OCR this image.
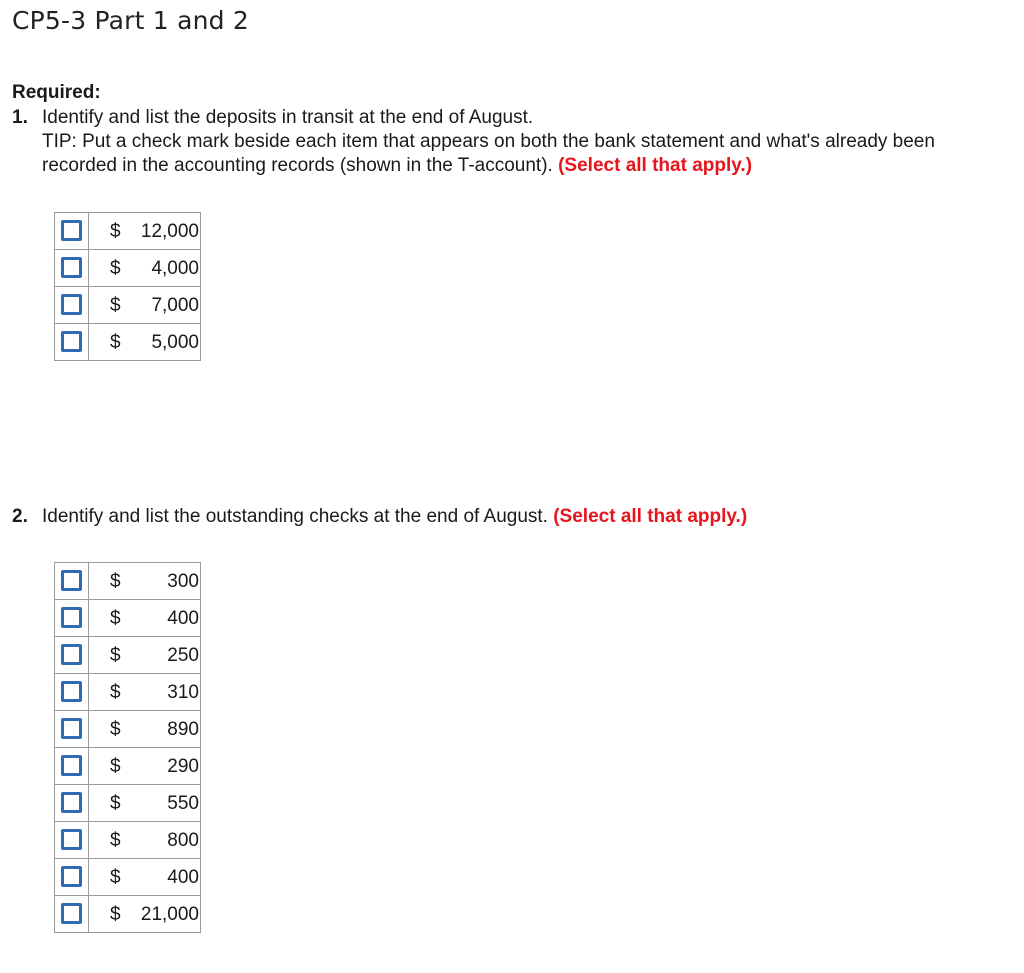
CP5-3 Part 1 and 2
Required:
1. Identify and list the deposits in transit at the end of August.
TIP: Put a check mark beside each item that appears on both the bank statement and what's already been recorded in the accounting records (shown in the T-account). (Select all that apply.)

	$ 12,000

	$ 4,000

	$ 7,000

	$ 5,000
2. Identify and list the outstanding checks at the end of August. (Select all that apply.)

	$ 300

	$ 400

	$ 250

	$ 310

	$ 890

	$ 290

	$ 550

	$ 800

	$ 400

	$ 21,000
